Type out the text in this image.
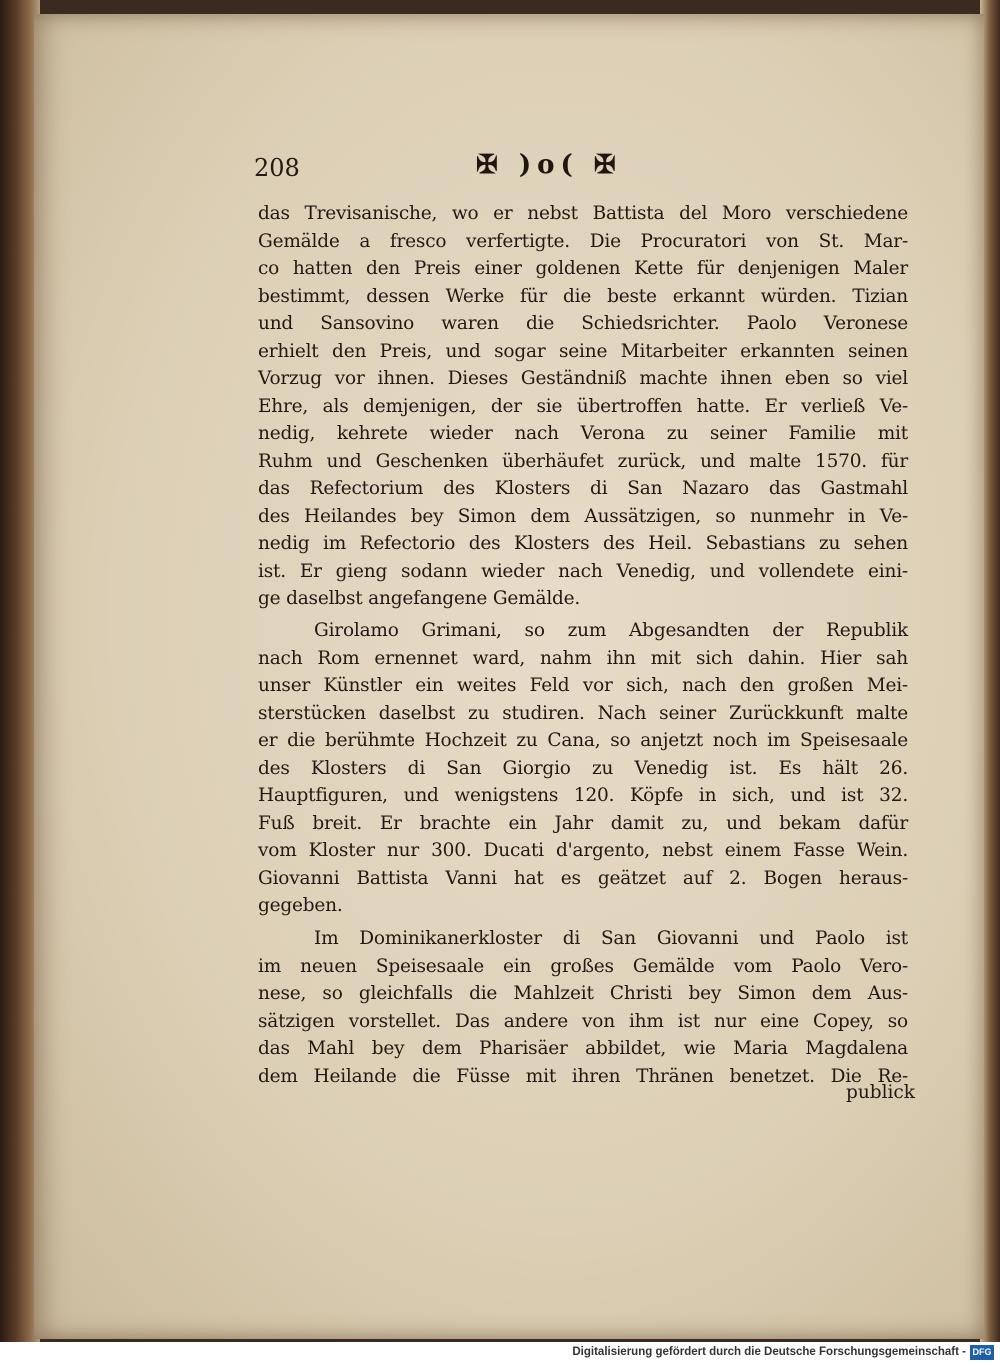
208	✠ )o( ✠
das Trevisanische, wo er nebst Battista del Moro verschiedene
Gemälde a fresco verfertigte. Die Procuratori von St. Mar-
co hatten den Preis einer goldenen Kette für denjenigen Maler
bestimmt, dessen Werke für die beste erkannt würden. Tizian
und Sansovino waren die Schiedsrichter. Paolo Veronese
erhielt den Preis, und sogar seine Mitarbeiter erkannten seinen
Vorzug vor ihnen. Dieses Geständniß machte ihnen eben so viel
Ehre, als demjenigen, der sie übertroffen hatte. Er verließ Ve-
nedig, kehrete wieder nach Verona zu seiner Familie mit
Ruhm und Geschenken überhäufet zurück, und malte 1570. für
das Refectorium des Klosters di San Nazaro das Gastmahl
des Heilandes bey Simon dem Aussätzigen, so nunmehr in Ve-
nedig im Refectorio des Klosters des Heil. Sebastians zu sehen
ist. Er gieng sodann wieder nach Venedig, und vollendete eini-
ge daselbst angefangene Gemälde.
Girolamo Grimani, so zum Abgesandten der Republik
nach Rom ernennet ward, nahm ihn mit sich dahin. Hier sah
unser Künstler ein weites Feld vor sich, nach den großen Mei-
sterstücken daselbst zu studiren. Nach seiner Zurückkunft malte
er die berühmte Hochzeit zu Cana, so anjetzt noch im Speisesaale
des Klosters di San Giorgio zu Venedig ist. Es hält 26.
Hauptfiguren, und wenigstens 120. Köpfe in sich, und ist 32.
Fuß breit. Er brachte ein Jahr damit zu, und bekam dafür
vom Kloster nur 300. Ducati d'argento, nebst einem Fasse Wein.
Giovanni Battista Vanni hat es geätzet auf 2. Bogen heraus-
gegeben.
Im Dominikanerkloster di San Giovanni und Paolo ist
im neuen Speisesaale ein großes Gemälde vom Paolo Vero-
nese, so gleichfalls die Mahlzeit Christi bey Simon dem Aus-
sätzigen vorstellet. Das andere von ihm ist nur eine Copey, so
das Mahl bey dem Pharisäer abbildet, wie Maria Magdalena
dem Heilande die Füsse mit ihren Thränen benetzet. Die Re-
publick
Digitalisierung gefördert durch die Deutsche Forschungsgemeinschaft - DFG
